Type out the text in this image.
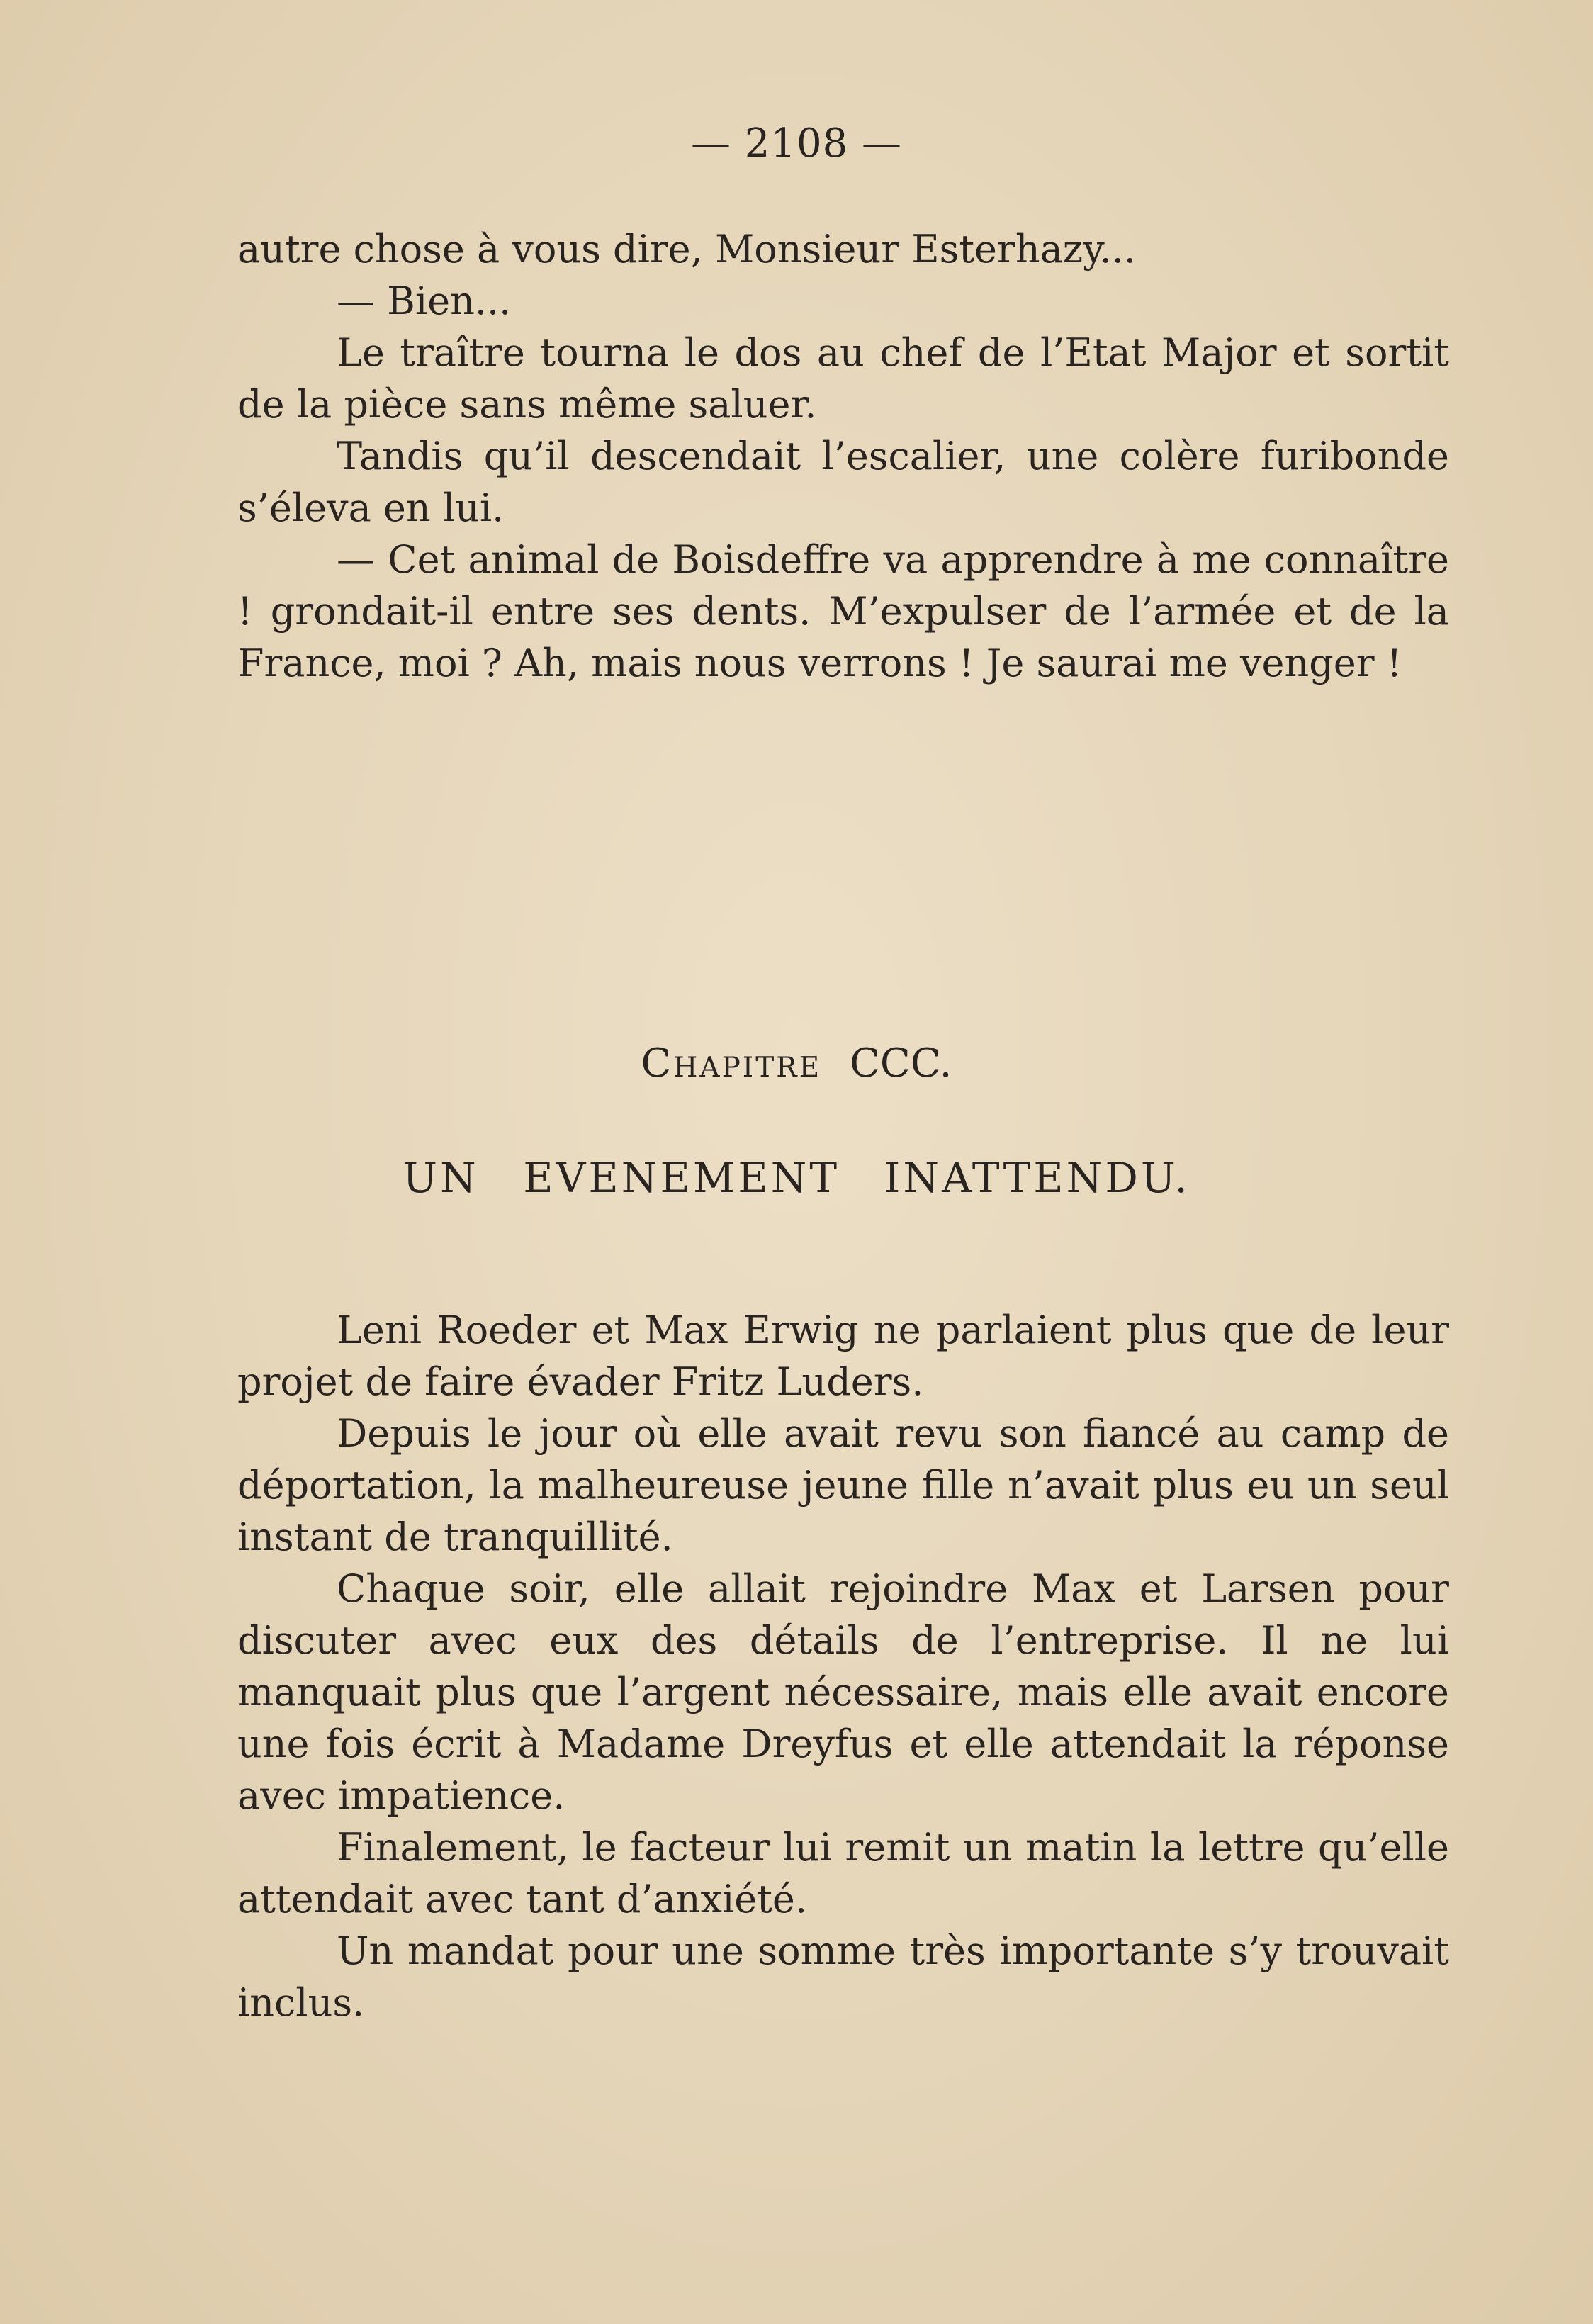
— 2108 —

autre chose à vous dire, Monsieur Esterhazy...

— Bien...

Le traître tourna le dos au chef de l’Etat Major et sortit de la pièce sans même saluer.

Tandis qu’il descendait l’escalier, une colère furibonde s’éleva en lui.

— Cet animal de Boisdeffre va apprendre à me connaître ! grondait-il entre ses dents. M’expulser de l’armée et de la France, moi ? Ah, mais nous verrons ! Je saurai me venger !

Chapitre CCC.

UN EVENEMENT INATTENDU.

Leni Roeder et Max Erwig ne parlaient plus que de leur projet de faire évader Fritz Luders.

Depuis le jour où elle avait revu son fiancé au camp de déportation, la malheureuse jeune fille n’avait plus eu un seul instant de tranquillité.

Chaque soir, elle allait rejoindre Max et Larsen pour discuter avec eux des détails de l’entreprise. Il ne lui manquait plus que l’argent nécessaire, mais elle avait encore une fois écrit à Madame Dreyfus et elle attendait la réponse avec impatience.

Finalement, le facteur lui remit un matin la lettre qu’elle attendait avec tant d’anxiété.

Un mandat pour une somme très importante s’y trouvait inclus.
